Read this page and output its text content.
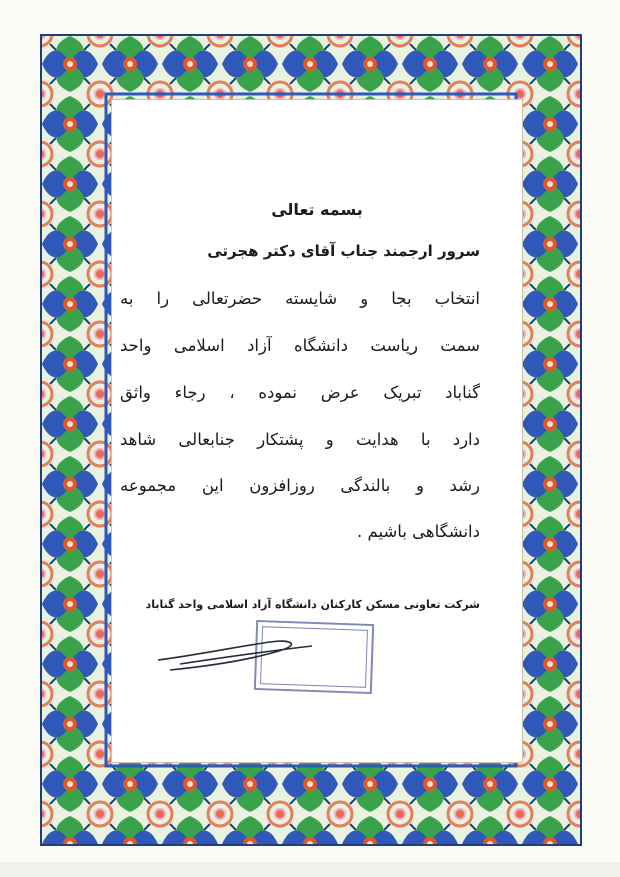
بسمه تعالی
سرور ارجمند جناب آقای دکتر هجرتی
انتخاب بجا و شایسته حضرتعالی را به
سمت ریاست دانشگاه آزاد اسلامی واحد
گناباد تبریک عرض نموده ، رجاء واثق
دارد با هدایت و پشتکار جنابعالی شاهد
رشد و بالندگی روزافزون این مجموعه
دانشگاهی باشیم .
شرکت تعاونی مسکن کارکنان دانشگاه آزاد اسلامی واحد گناباد
